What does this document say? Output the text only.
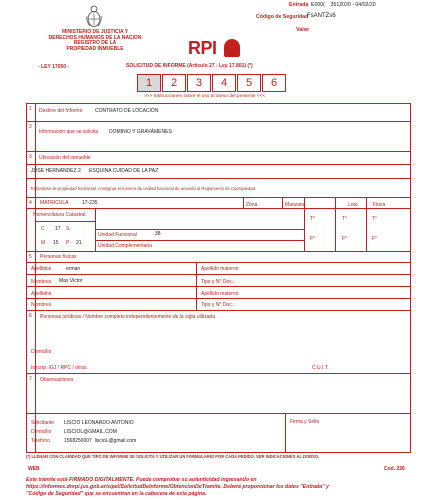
MINISTERIO DE JUSTICIA Y
DERECHOS HUMANOS DE LA NACION
REGISTRO DE LA
PROPIEDAD INMUEBLE
- LEY 17050 -
Entrada E000(    3512020 - 04/02/20
Código de Seguridad
FsANTZs6
Valor
RPI
SOLICITUD DE INFORME (Artículo 27 - Ley 17.801) (*)
1	2	3	4	5	6
>>> Instrucciones sobre el uso al dorso del presente <<<
1 Destino del Informe	CONTRATO DE LOCACIÓN
2
Información que se solicita DOMINIO Y GRAVÁMENES
3 Ubicación del inmueble
JOSE HERNANDEZ 2      ESQUINA CUIDAD DE LA PAZ
Tratándose de propiedad horizontal, consignar el número de unidad funcional de acuerdo al Reglamento de Copropiedad.
4 MATRICULA	17-235	Zona	Manzana	Lote	Finca
Nomenclatura Catastral
C 17 S
M 15 P 21
Unidad Funcional	38
Unidad Complementaria
T°	T°	T°
F°	F°	F°
5 Personas físicas
Apellidos	erman	Apellido materno
Nombres Max Victor	Tipo y N° Doc.:
Apellidos	Apellido materno
Nombres	Tipo y N° Doc.:
6 Personas jurídicas / Nombre completo independientemente de la sigla utilizada
Domicilio
Inscrip. IGJ / RPC / otras.	C.U.I.T.
7 Observaciones
Solicitante LISCIO LEONARDO ANTONIO
Domicilio	LISCIOL@GMAIL.COM
Telefono	1568250007  liscioL@gmail.com
Firma y Sello
(*) LLENAR CON CLARIDAD QUE TIPO DE INFORME SE SOLICITA Y UTILIZAR UN FORMULARIO POR CADA PEDIDO. VER INDICACIONES AL DORSO.
WEB	Cod. 226
Este trámite está FIRMADO DIGITALMENTE. Puede comprobar su autenticidad ingresando en
https://informes.dnrpi.jus.gob.ar/sipel/SolicitudDeInforme/ObtencionDeTramite. Deberá proporcionar los datos "Entrada" y
"Código de Seguridad" que se encuentran en la cabecera de esta página.
